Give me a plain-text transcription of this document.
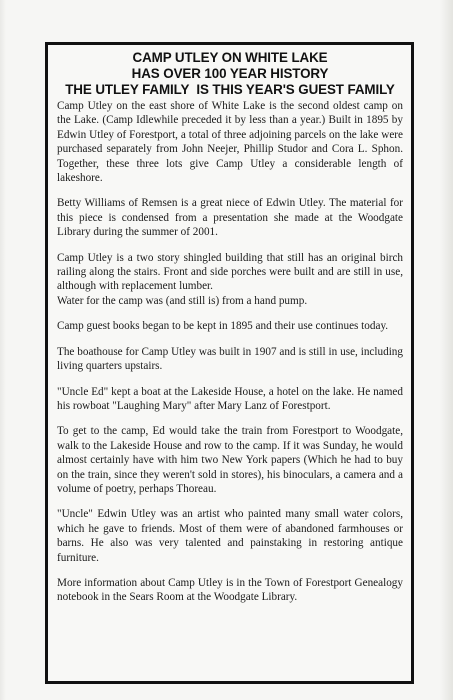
CAMP UTLEY ON WHITE LAKE
HAS OVER 100 YEAR HISTORY
THE UTLEY FAMILY  IS THIS YEAR'S GUEST FAMILY

Camp Utley on the east shore of White Lake is the second oldest camp on the Lake. (Camp Idlewhile preceded it by less than a year.) Built in 1895 by Edwin Utley of Forestport, a total of three adjoining parcels on the lake were purchased separately from John Neejer, Phillip Studor and Cora L. Sphon. Together, these three lots give Camp Utley a considerable length of lakeshore.

Betty Williams of Remsen is a great niece of Edwin Utley. The material for this piece is condensed from a presentation she made at the Woodgate Library during the summer of 2001.

Camp Utley is a two story shingled building that still has an original birch railing along the stairs. Front and side porches were built and are still in use, although with replacement lumber.
Water for the camp was (and still is) from a hand pump.

Camp guest books began to be kept in 1895 and their use continues today.

The boathouse for Camp Utley was built in 1907 and is still in use, including living quarters upstairs.

"Uncle Ed" kept a boat at the Lakeside House, a hotel on the lake. He named his rowboat "Laughing Mary" after Mary Lanz of Forestport.

To get to the camp, Ed would take the train from Forestport to Woodgate, walk to the Lakeside House and row to the camp. If it was Sunday, he would almost certainly have with him two New York papers (Which he had to buy on the train, since they weren't sold in stores), his binoculars, a camera and a volume of poetry, perhaps Thoreau.

"Uncle" Edwin Utley was an artist who painted many small water colors, which he gave to friends. Most of them were of abandoned farmhouses or barns. He also was very talented and painstaking in restoring antique furniture.

More information about Camp Utley is in the Town of Forestport Genealogy notebook in the Sears Room at the Woodgate Library.
